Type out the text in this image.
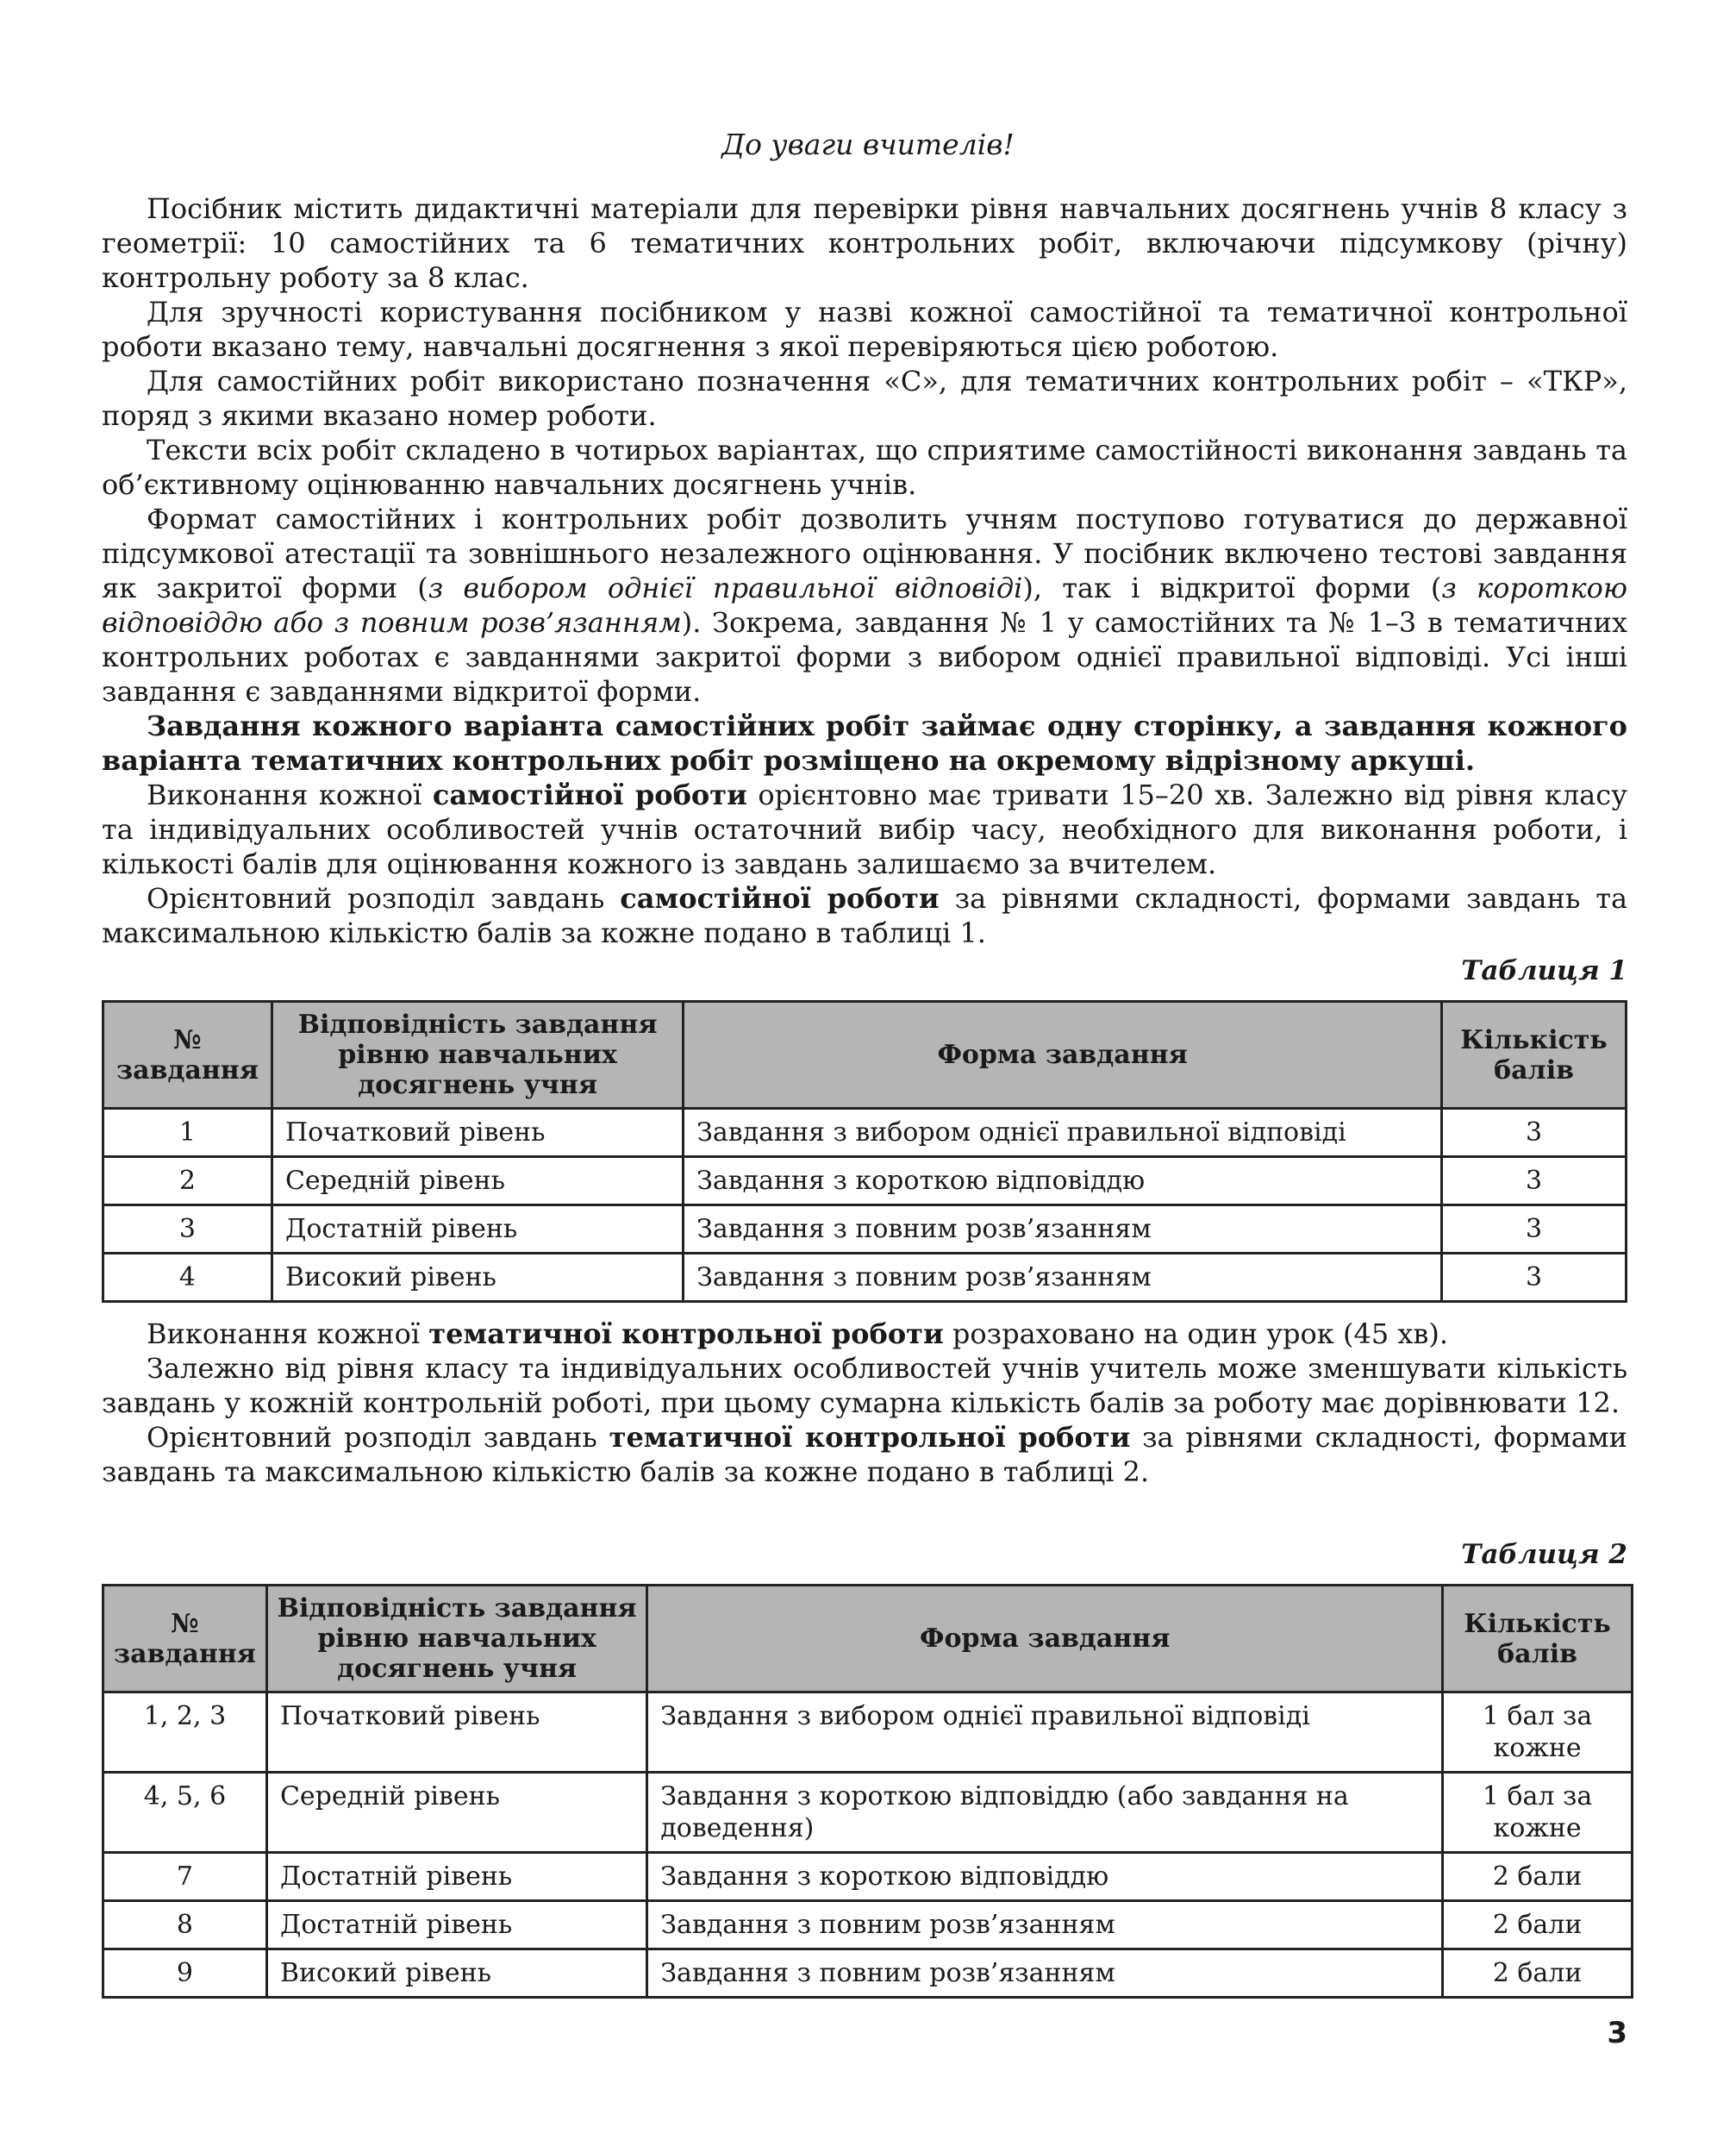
До уваги вчителів!

Посібник містить дидактичні матеріали для перевірки рівня навчальних досягнень учнів 8 класу з геометрії: 10 самостійних та 6 тематичних контрольних робіт, включаючи підсумкову (річну) контрольну роботу за 8 клас.

Для зручності користування посібником у назві кожної самостійної та тематичної контрольної роботи вказано тему, навчальні досягнення з якої перевіряються цією роботою.

Для самостійних робіт використано позначення «С», для тематичних контрольних робіт – «ТКР», поряд з якими вказано номер роботи.

Тексти всіх робіт складено в чотирьох варіантах, що сприятиме самостійності виконання завдань та об’єктивному оцінюванню навчальних досягнень учнів.

Формат самостійних і контрольних робіт дозволить учням поступово готуватися до державної підсумкової атестації та зовнішнього незалежного оцінювання. У посібник включено тестові завдання як закритої форми (з вибором однієї правильної відповіді), так і відкритої форми (з короткою відповіддю або з повним розв’язанням). Зокрема, завдання № 1 у самостійних та № 1–3 в тематичних контрольних роботах є завданнями закритої форми з вибором однієї правильної відповіді. Усі інші завдання є завданнями відкритої форми.

Завдання кожного варіанта самостійних робіт займає одну сторінку, а завдання кожного варіанта тематичних контрольних робіт розміщено на окремому відрізному аркуші.

Виконання кожної самостійної роботи орієнтовно має тривати 15–20 хв. Залежно від рівня класу та індивідуальних особливостей учнів остаточний вибір часу, необхідного для виконання роботи, і кількості балів для оцінювання кожного із завдань залишаємо за вчителем.

Орієнтовний розподіл завдань самостійної роботи за рівнями складності, формами завдань та максимальною кількістю балів за кожне подано в таблиці 1.

Таблиця 1
№ завдання	Відповідність завдання рівню навчальних досягнень учня	Форма завдання	Кількість балів
1	Початковий рівень	Завдання з вибором однієї правильної відповіді	3
2	Середній рівень	Завдання з короткою відповіддю	3
3	Достатній рівень	Завдання з повним розв’язанням	3
4	Високий рівень	Завдання з повним розв’язанням	3

Виконання кожної тематичної контрольної роботи розраховано на один урок (45 хв).

Залежно від рівня класу та індивідуальних особливостей учнів учитель може зменшувати кількість завдань у кожній контрольній роботі, при цьому сумарна кількість балів за роботу має дорівнювати 12.

Орієнтовний розподіл завдань тематичної контрольної роботи за рівнями складності, формами завдань та максимальною кількістю балів за кожне подано в таблиці 2.

Таблиця 2
№ завдання	Відповідність завдання рівню навчальних досягнень учня	Форма завдання	Кількість балів
1, 2, 3	Початковий рівень	Завдання з вибором однієї правильної відповіді	1 бал за кожне
4, 5, 6	Середній рівень	Завдання з короткою відповіддю (або завдання на доведення)	1 бал за кожне
7	Достатній рівень	Завдання з короткою відповіддю	2 бали
8	Достатній рівень	Завдання з повним розв’язанням	2 бали
9	Високий рівень	Завдання з повним розв’язанням	2 бали
3
